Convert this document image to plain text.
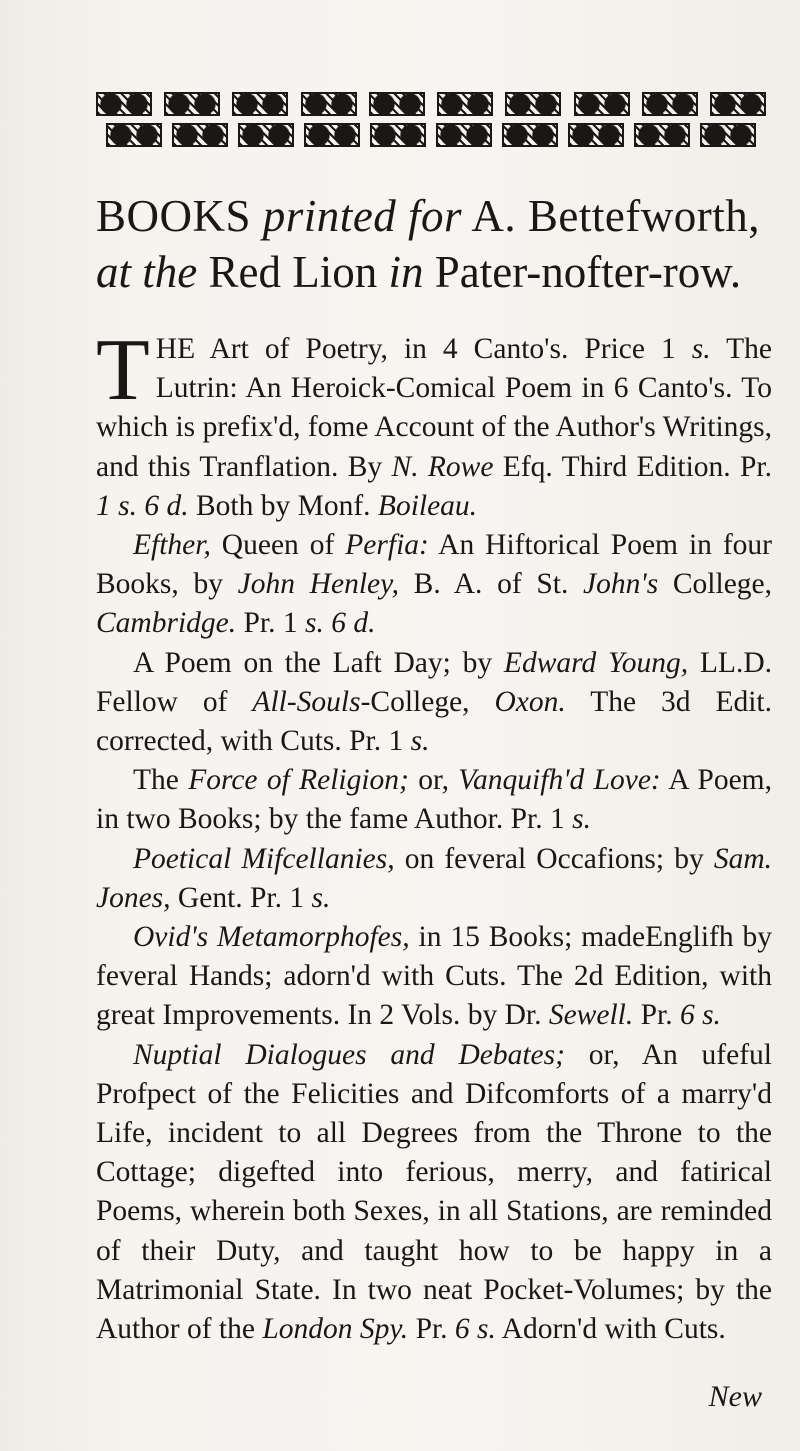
BOOKS printed for A. Bettefworth,
at the Red Lion in Pater-nofter-row.

THE Art of Poetry, in 4 Canto's. Price 1 s. The Lutrin: An Heroick-Comical Poem in 6 Canto's. To which is prefix'd, fome Account of the Author's Writings, and this Tranflation. By N. Rowe Efq. Third Edition. Pr. 1 s. 6 d. Both by Monf. Boileau.

Efther, Queen of Perfia: An Hiftorical Poem in four Books, by John Henley, B. A. of St. John's College, Cambridge. Pr. 1 s. 6 d.

A Poem on the Laft Day; by Edward Young, LL.D. Fellow of All-Souls-College, Oxon. The 3d Edit. corrected, with Cuts. Pr. 1 s.

The Force of Religion; or, Vanquifh'd Love: A Poem, in two Books; by the fame Author. Pr. 1 s.

Poetical Mifcellanies, on feveral Occafions; by Sam. Jones, Gent. Pr. 1 s.

Ovid's Metamorphofes, in 15 Books; madeEnglifh by feveral Hands; adorn'd with Cuts. The 2d Edition, with great Improvements. In 2 Vols. by Dr. Sewell. Pr. 6 s.

Nuptial Dialogues and Debates; or, An ufeful Profpect of the Felicities and Difcomforts of a marry'd Life, incident to all Degrees from the Throne to the Cottage; digefted into ferious, merry, and fatirical Poems, wherein both Sexes, in all Stations, are reminded of their Duty, and taught how to be happy in a Matrimonial State. In two neat Pocket-Volumes; by the Author of the London Spy. Pr. 6 s. Adorn'd with Cuts.

New
